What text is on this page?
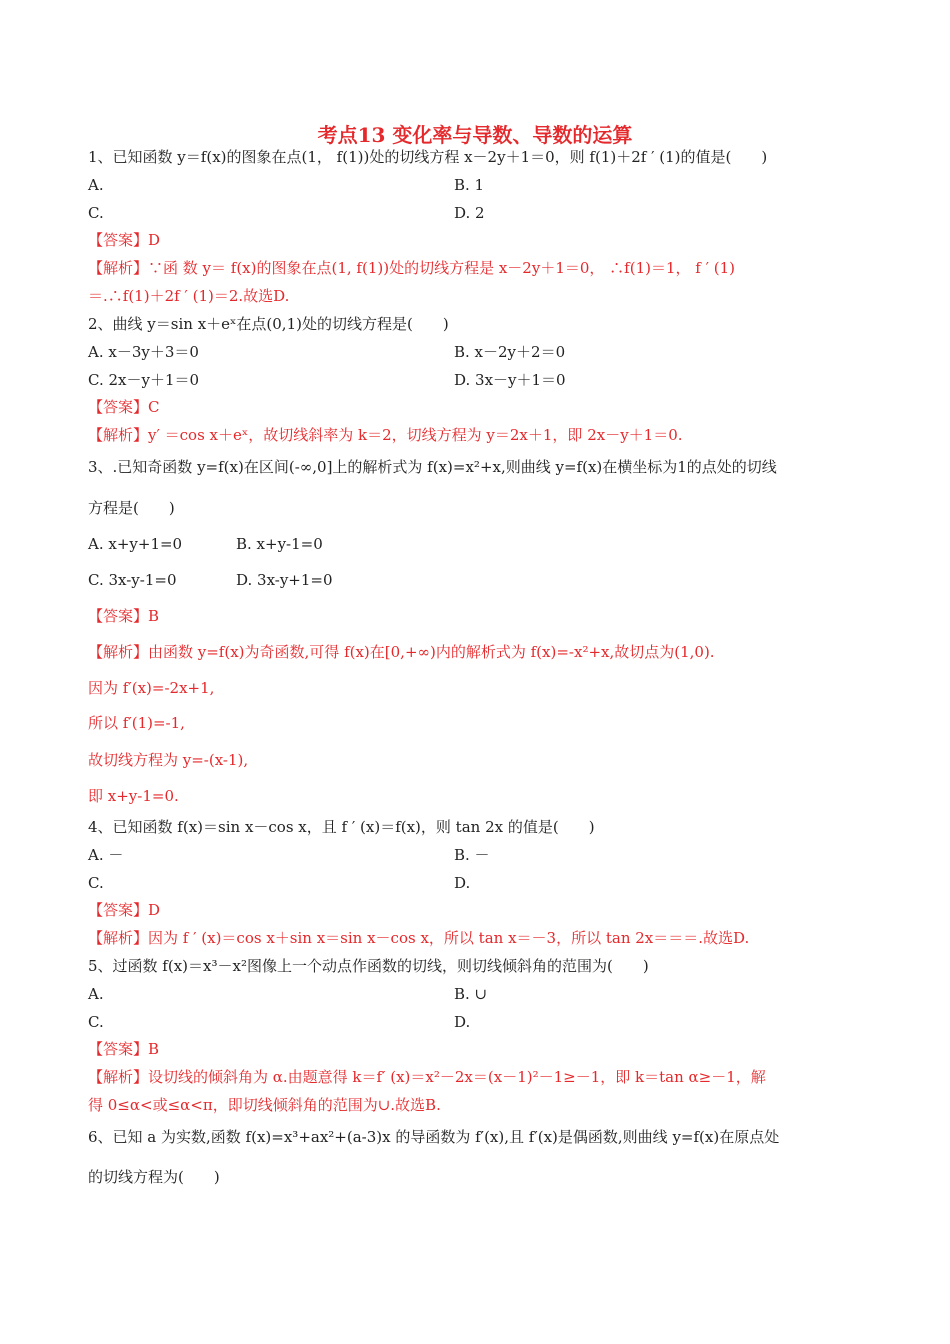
考点13 变化率与导数、导数的运算
1、已知函数 y＝f(x)的图象在点(1， f(1))处的切线方程 x－2y＋1＝0，则 f(1)＋2f ′ (1)的值是(　　)
A.	B. 1
C.	D. 2
【答案】D
【解析】∵函 数 y＝ f(x)的图象在点(1, f(1))处的切线方程是 x－2y＋1＝0， ∴f(1)＝1， f ′ (1)
＝.∴f(1)＋2f ′ (1)＝2.故选D.
2、曲线 y＝sin x＋eˣ在点(0,1)处的切线方程是(　　)
A. x－3y＋3＝0	B. x－2y＋2＝0
C. 2x－y＋1＝0	D. 3x－y＋1＝0
【答案】C
【解析】y′ ＝cos x＋eˣ，故切线斜率为 k＝2，切线方程为 y＝2x＋1，即 2x－y＋1＝0.
3、.已知奇函数 y=f(x)在区间(-∞,0]上的解析式为 f(x)=x²+x,则曲线 y=f(x)在横坐标为1的点处的切线
方程是(　　)
A. x+y+1=0	B. x+y-1=0
C. 3x-y-1=0	D. 3x-y+1=0
【答案】B
【解析】由函数 y=f(x)为奇函数,可得 f(x)在[0,+∞)内的解析式为 f(x)=-x²+x,故切点为(1,0).
因为 f′(x)=-2x+1,
所以 f′(1)=-1,
故切线方程为 y=-(x-1),
即 x+y-1=0.
4、已知函数 f(x)＝sin x－cos x，且 f ′ (x)＝f(x)，则 tan 2x 的值是(　　)
A. －	B. －
C.	D.
【答案】D
【解析】因为 f ′ (x)＝cos x＋sin x＝sin x－cos x，所以 tan x＝－3，所以 tan 2x＝＝＝.故选D.
5、过函数 f(x)＝x³－x²图像上一个动点作函数的切线，则切线倾斜角的范围为(　　)
A.	B. ∪
C.	D.
【答案】B
【解析】设切线的倾斜角为 α.由题意得 k＝f′ (x)＝x²－2x＝(x－1)²－1≥－1，即 k＝tan α≥－1，解
得 0≤α<或≤α<π，即切线倾斜角的范围为∪.故选B.
6、已知 a 为实数,函数 f(x)=x³+ax²+(a-3)x 的导函数为 f′(x),且 f′(x)是偶函数,则曲线 y=f(x)在原点处
的切线方程为(　　)
